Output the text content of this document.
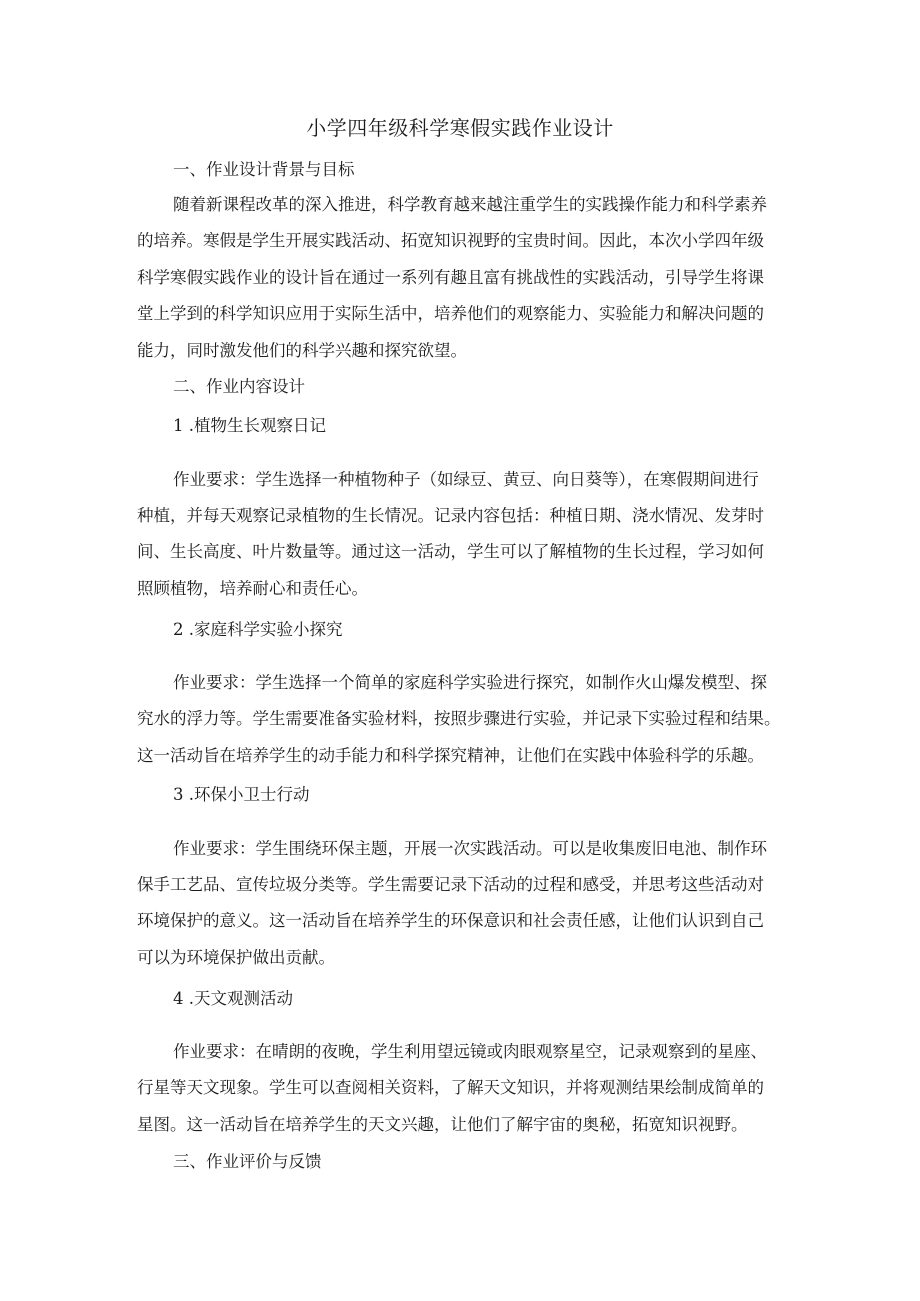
小学四年级科学寒假实践作业设计

一、作业设计背景与目标

随着新课程改革的深入推进，科学教育越来越注重学生的实践操作能力和科学素养

的培养。寒假是学生开展实践活动、拓宽知识视野的宝贵时间。因此，本次小学四年级

科学寒假实践作业的设计旨在通过一系列有趣且富有挑战性的实践活动，引导学生将课

堂上学到的科学知识应用于实际生活中，培养他们的观察能力、实验能力和解决问题的

能力，同时激发他们的科学兴趣和探究欲望。

二、作业内容设计

1 .植物生长观察日记

作业要求：学生选择一种植物种子（如绿豆、黄豆、向日葵等），在寒假期间进行

种植，并每天观察记录植物的生长情况。记录内容包括：种植日期、浇水情况、发芽时

间、生长高度、叶片数量等。通过这一活动，学生可以了解植物的生长过程，学习如何

照顾植物，培养耐心和责任心。

2 .家庭科学实验小探究

作业要求：学生选择一个简单的家庭科学实验进行探究，如制作火山爆发模型、探

究水的浮力等。学生需要准备实验材料，按照步骤进行实验，并记录下实验过程和结果。

这一活动旨在培养学生的动手能力和科学探究精神，让他们在实践中体验科学的乐趣。

3 .环保小卫士行动

作业要求：学生围绕环保主题，开展一次实践活动。可以是收集废旧电池、制作环

保手工艺品、宣传垃圾分类等。学生需要记录下活动的过程和感受，并思考这些活动对

环境保护的意义。这一活动旨在培养学生的环保意识和社会责任感，让他们认识到自己

可以为环境保护做出贡献。

4 .天文观测活动

作业要求：在晴朗的夜晚，学生利用望远镜或肉眼观察星空，记录观察到的星座、

行星等天文现象。学生可以查阅相关资料，了解天文知识，并将观测结果绘制成简单的

星图。这一活动旨在培养学生的天文兴趣，让他们了解宇宙的奥秘，拓宽知识视野。

三、作业评价与反馈
